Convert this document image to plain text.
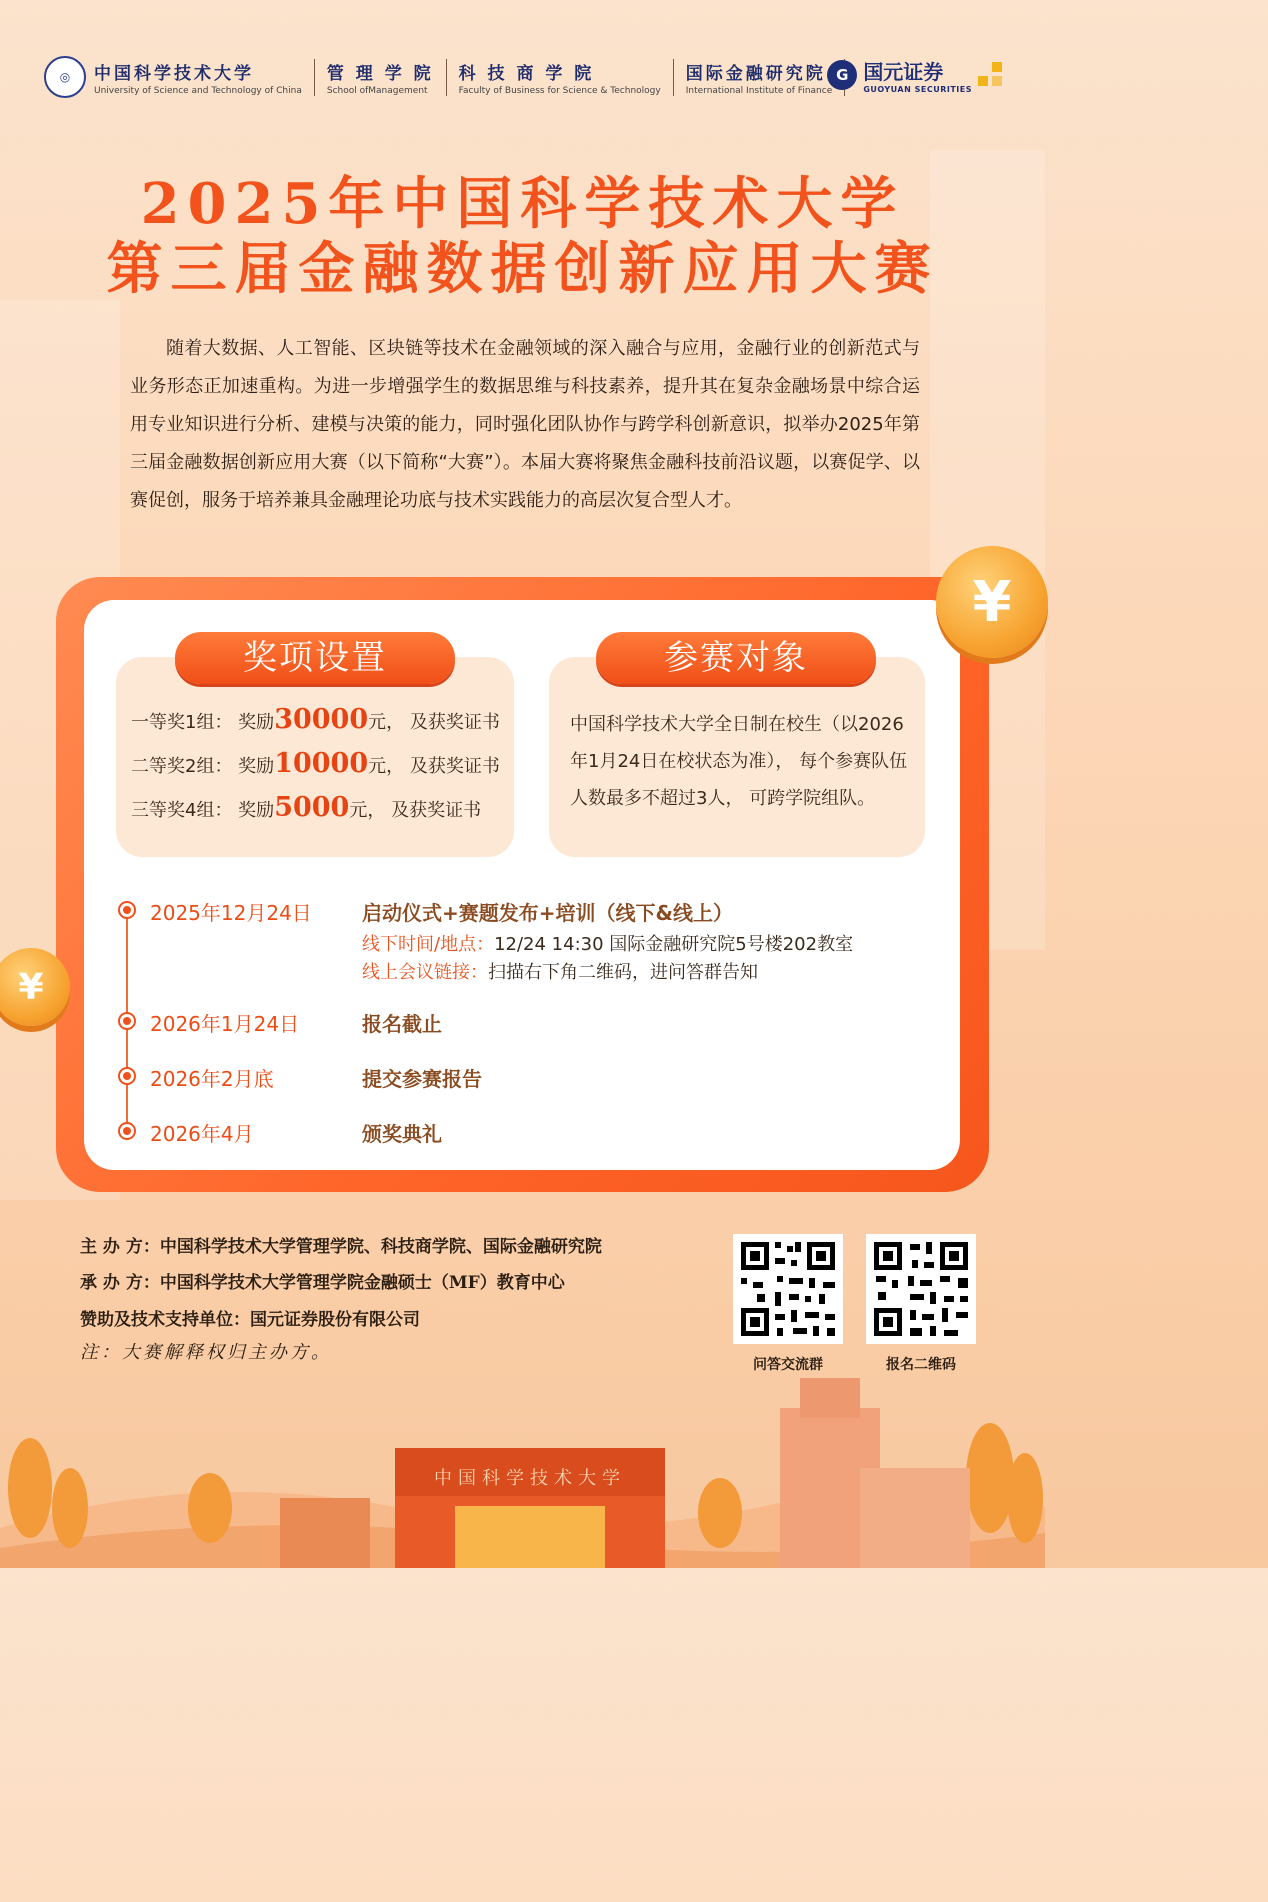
◎	中国科学技术大学
University of Science and Technology of China
管 理 学 院
School ofManagement
科 技 商 学 院
Faculty of Business for Science & Technology
国际金融研究院
International Institute of Finance
G 国元证券
GUOYUAN SECURITIES
2025年中国科学技术大学
第三届金融数据创新应用大赛
随着大数据、人工智能、区块链等技术在金融领域的深入融合与应用，金融行业的创新范式与业务形态正加速重构。为进一步增强学生的数据思维与科技素养，提升其在复杂金融场景中综合运用专业知识进行分析、建模与决策的能力，同时强化团队协作与跨学科创新意识，拟举办2025年第三届金融数据创新应用大赛（以下简称“大赛”）。本届大赛将聚焦金融科技前沿议题，以赛促学、以赛促创，服务于培养兼具金融理论功底与技术实践能力的高层次复合型人才。
¥
¥
奖项设置	参赛对象
一等奖1组： 奖励30000元， 及获奖证书
二等奖2组： 奖励10000元， 及获奖证书
三等奖4组： 奖励5000元， 及获奖证书
中国科学技术大学全日制在校生（以2026年1月24日在校状态为准）， 每个参赛队伍人数最多不超过3人， 可跨学院组队。
2025年12月24日	启动仪式+赛题发布+培训（线下&线上）
线下时间/地点：12/24 14:30 国际金融研究院5号楼202教室
线上会议链接：扫描右下角二维码，进问答群告知
2026年1月24日	报名截止
2026年2月底	提交参赛报告
2026年4月	颁奖典礼
主 办 方：中国科学技术大学管理学院、科技商学院、国际金融研究院
承 办 方：中国科学技术大学管理学院金融硕士（MF）教育中心
赞助及技术支持单位：国元证券股份有限公司
注：大赛解释权归主办方。
问答交流群	报名二维码
中国科学技术大学
